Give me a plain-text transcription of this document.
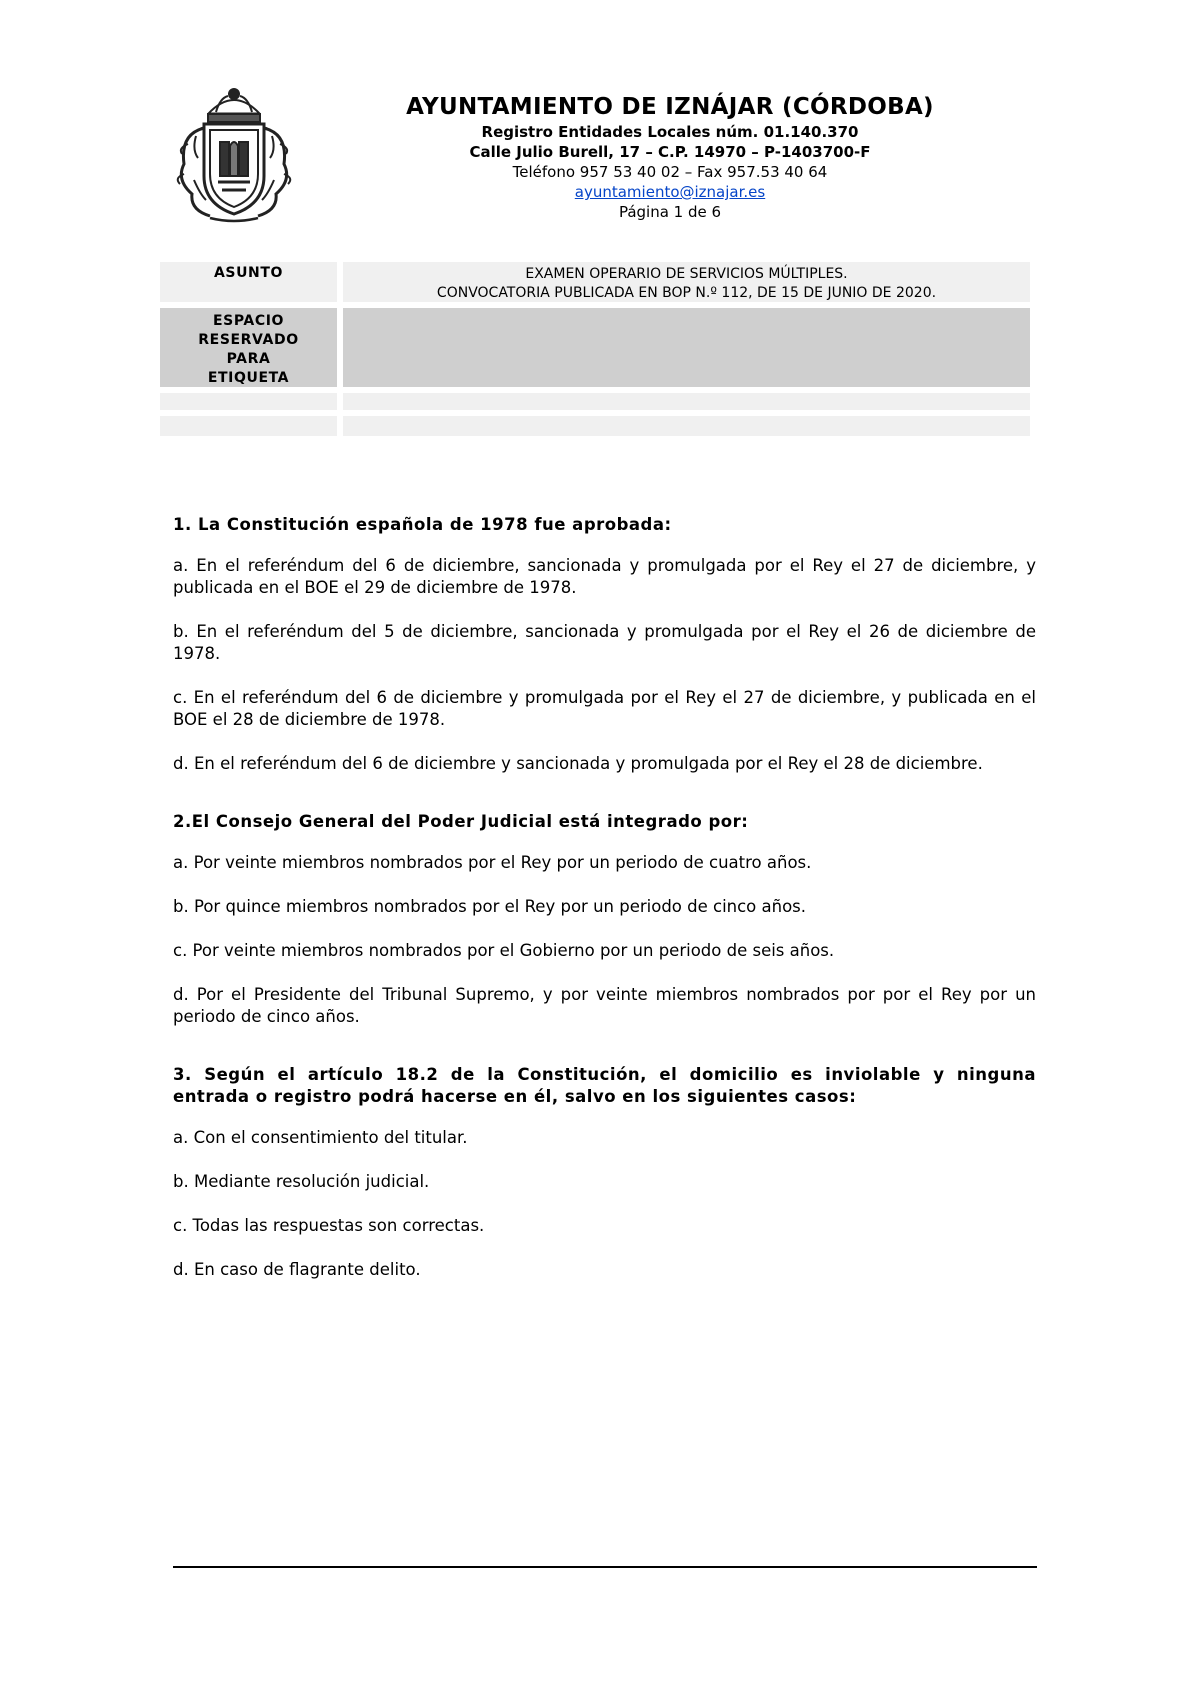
AYUNTAMIENTO DE IZNÁJAR (CÓRDOBA)
Registro Entidades Locales núm. 01.140.370
Calle Julio Burell, 17 – C.P. 14970 – P-1403700-F
Teléfono 957 53 40 02 – Fax 957.53 40 64
ayuntamiento@iznajar.es
Página 1 de 6
ASUNTO	EXAMEN OPERARIO DE SERVICIOS MÚLTIPLES.
CONVOCATORIA PUBLICADA EN BOP N.º 112, DE 15 DE JUNIO DE 2020.
ESPACIO
RESERVADO
PARA
ETIQUETA

1. La Constitución española de 1978 fue aprobada:

a. En el referéndum del 6 de diciembre, sancionada y promulgada por el Rey el 27 de diciembre, y publicada en el BOE el 29 de diciembre de 1978.

b. En el referéndum del 5 de diciembre, sancionada y promulgada por el Rey el 26 de diciembre de 1978.

c. En el referéndum del 6 de diciembre y promulgada por el Rey el 27 de diciembre, y publicada en el BOE el 28 de diciembre de 1978.

d. En el referéndum del 6 de diciembre y sancionada y promulgada por el Rey el 28 de diciembre.

2.El Consejo General del Poder Judicial está integrado por:

a. Por veinte miembros nombrados por el Rey por un periodo de cuatro años.

b. Por quince miembros nombrados por el Rey por un periodo de cinco años.

c. Por veinte miembros nombrados por el Gobierno por un periodo de seis años.

d. Por el Presidente del Tribunal Supremo, y por veinte miembros nombrados por por el Rey por un periodo de cinco años.

3. Según el artículo 18.2 de la Constitución, el domicilio es inviolable y ninguna entrada o registro podrá hacerse en él, salvo en los siguientes casos:

a. Con el consentimiento del titular.

b. Mediante resolución judicial.

c. Todas las respuestas son correctas.

d. En caso de flagrante delito.
